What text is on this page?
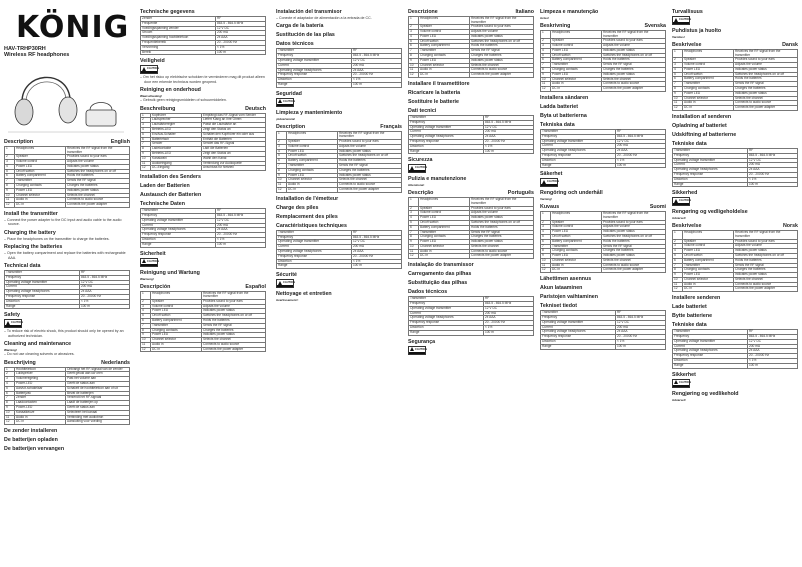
KÖNIG
HAV-TRHP30RH
Wireless RF headphones
Description	English
1	Headphones	Receives the RF signal from the transmitter
2	Speaker	Provides sound to your ears
3	Volume control	Adjusts the volume
4	Power LED	Indicates power status
5	On/off switch	Switches the headphones on or off
6	Battery compartment	Holds the batteries
7	Transmitter	Sends the RF signal
8	Charging contacts	Charges the batteries
9	Power LED	Indicates power status
10	Channel selector	Selects the channel
11	Audio in	Connects to audio source
12	DC in	Connects the power adapter
Install the transmitter

– Connect the power adapter to the DC input and audio cable to the audio source.

Charging the battery

– Place the headphones on the transmitter to charge the batteries.

Replacing the batteries

– Open the battery compartment and replace the batteries with rechargeable AAA.

Technical data
Transmitter	RF
Frequency	863.5 - 864.5 MHz
Operating voltage transmitter	12 V DC
Current	200 mA
Operating voltage headphones	2x AAA
Frequency response	20 - 20000 Hz
Distortion	< 1%
Range	100 m
Safety
CAUTION

– To reduce risk of electric shock, this product should only be opened by an authorized technician.

Cleaning and maintenance
Warning!

– Do not use cleaning solvents or abrasives.

Beschrijving	Nederlands
1	Hoofdtelefoon	Ontvangt het RF-signaal van de zender
2	Luidspreker	Geeft geluid aan uw oren
3	Volumeregeling	Past het volume aan
4	Power-LED	Geeft de status aan
5	Aan/uit-schakelaar	Schakelt de hoofdtelefoon aan of uit
6	Batterijvak	Bevat de batterijen
7	Zender	Verzendt het RF-signaal
8	Laadcontacten	Laadt de batterijen op
9	Power-LED	Geeft de status aan
10	Kanaalkeuze	Selecteert het kanaal
11	Audio in	Verbinding met audiobron
12	DC in	Aansluiting voor voeding
De zender installeren
De batterijen opladen
De batterijen vervangen
Technische gegevens
Zender	RF
Frequentie	863.5 - 864.5 MHz
Voedingsspanning zender	12 V DC
Stroom	200 mA
Voedingsspanning hoofdtelefoon	2x AAA
Frequentiebereik	20 - 20000 Hz
Vervorming	< 1%
Bereik	100 m
Veiligheid
CAUTION

– Om het risico op elektrische schokken te verminderen mag dit product alleen door een erkende technicus worden geopend.

Reiniging en onderhoud
Waarschuwing!

– Gebruik geen reinigingsmiddelen of schuurmiddelen.

Beschreibung	Deutsch
1	Kopfhörer	Empfängt das RF-Signal vom Sender
2	Lautsprecher	Liefert Klang an Ihre Ohren
3	Lautstärkeregler	Passt die Lautstärke an
4	Betriebs-LED	Zeigt den Status an
5	Ein/Aus-Schalter	Schaltet den Kopfhörer ein oder aus
6	Batteriefach	Enthält die Batterien
7	Sender	Sendet das RF-Signal
8	Ladekontakte	Lädt die Batterien
9	Betriebs-LED	Zeigt den Status an
10	Kanalwahl	Wählt den Kanal
11	Audioeingang	Verbindung zur Audioquelle
12	DC-Eingang	Anschluss für Netzteil
Installation des Senders
Laden der Batterien
Austausch der Batterien
Technische Daten
Transmitter	RF
Frequency	863.5 - 864.5 MHz
Operating voltage transmitter	12 V DC
Current	200 mA
Operating voltage headphones	2x AAA
Frequency response	20 - 20000 Hz
Distortion	< 1%
Range	100 m
Sicherheit
CAUTION
Reinigung und Wartung
Warnung!
Descripción	Español
1	Headphones	Receives the RF signal from the transmitter
2	Speaker	Provides sound to your ears
3	Volume control	Adjusts the volume
4	Power LED	Indicates power status
5	On/off switch	Switches the headphones on or off
6	Battery compartment	Holds the batteries
7	Transmitter	Sends the RF signal
8	Charging contacts	Charges the batteries
9	Power LED	Indicates power status
10	Channel selector	Selects the channel
11	Audio in	Connects to audio source
12	DC in	Connects the power adapter
Instalación del transmisor

– Conecte el adaptador de alimentación a la entrada de CC.

Carga de la batería
Sustitución de las pilas
Datos técnicos
Transmitter	RF
Frequency	863.5 - 864.5 MHz
Operating voltage transmitter	12 V DC
Current	200 mA
Operating voltage headphones	2x AAA
Frequency response	20 - 20000 Hz
Distortion	< 1%
Range	100 m
Seguridad
CAUTION
Limpieza y mantenimiento
¡Advertencia!
Description	Français
1	Headphones	Receives the RF signal from the transmitter
2	Speaker	Provides sound to your ears
3	Volume control	Adjusts the volume
4	Power LED	Indicates power status
5	On/off switch	Switches the headphones on or off
6	Battery compartment	Holds the batteries
7	Transmitter	Sends the RF signal
8	Charging contacts	Charges the batteries
9	Power LED	Indicates power status
10	Channel selector	Selects the channel
11	Audio in	Connects to audio source
12	DC in	Connects the power adapter
Installation de l'émetteur
Charge des piles
Remplacement des piles
Caractéristiques techniques
Transmitter	RF
Frequency	863.5 - 864.5 MHz
Operating voltage transmitter	12 V DC
Current	200 mA
Operating voltage headphones	2x AAA
Frequency response	20 - 20000 Hz
Distortion	< 1%
Range	100 m
Sécurité
CAUTION
Nettoyage et entretien
Avertissement !
Descrizione	Italiano
1	Headphones	Receives the RF signal from the transmitter
2	Speaker	Provides sound to your ears
3	Volume control	Adjusts the volume
4	Power LED	Indicates power status
5	On/off switch	Switches the headphones on or off
6	Battery compartment	Holds the batteries
7	Transmitter	Sends the RF signal
8	Charging contacts	Charges the batteries
9	Power LED	Indicates power status
10	Channel selector	Selects the channel
11	Audio in	Connects to audio source
12	DC in	Connects the power adapter
Installare il trasmettitore
Ricaricare la batteria
Sostituire le batterie
Dati tecnici
Transmitter	RF
Frequency	863.5 - 864.5 MHz
Operating voltage transmitter	12 V DC
Current	200 mA
Operating voltage headphones	2x AAA
Frequency response	20 - 20000 Hz
Distortion	< 1%
Range	100 m
Sicurezza
CAUTION
Pulizia e manutenzione
Attenzione!
Descrição	Português
1	Headphones	Receives the RF signal from the transmitter
2	Speaker	Provides sound to your ears
3	Volume control	Adjusts the volume
4	Power LED	Indicates power status
5	On/off switch	Switches the headphones on or off
6	Battery compartment	Holds the batteries
7	Transmitter	Sends the RF signal
8	Charging contacts	Charges the batteries
9	Power LED	Indicates power status
10	Channel selector	Selects the channel
11	Audio in	Connects to audio source
12	DC in	Connects the power adapter
Instalação do transmissor
Carregamento das pilhas
Substituição das pilhas
Dados técnicos
Transmitter	RF
Frequency	863.5 - 864.5 MHz
Operating voltage transmitter	12 V DC
Current	200 mA
Operating voltage headphones	2x AAA
Frequency response	20 - 20000 Hz
Distortion	< 1%
Range	100 m
Segurança
CAUTION
Limpeza e manutenção
Aviso!
Beskrivning	Svenska
1	Headphones	Receives the RF signal from the transmitter
2	Speaker	Provides sound to your ears
3	Volume control	Adjusts the volume
4	Power LED	Indicates power status
5	On/off switch	Switches the headphones on or off
6	Battery compartment	Holds the batteries
7	Transmitter	Sends the RF signal
8	Charging contacts	Charges the batteries
9	Power LED	Indicates power status
10	Channel selector	Selects the channel
11	Audio in	Connects to audio source
12	DC in	Connects the power adapter
Installera sändaren
Ladda batteriet
Byta ut batterierna
Tekniska data
Transmitter	RF
Frequency	863.5 - 864.5 MHz
Operating voltage transmitter	12 V DC
Current	200 mA
Operating voltage headphones	2x AAA
Frequency response	20 - 20000 Hz
Distortion	< 1%
Range	100 m
Säkerhet
CAUTION
Rengöring och underhåll
Varning!
Kuvaus	Suomi
1	Headphones	Receives the RF signal from the transmitter
2	Speaker	Provides sound to your ears
3	Volume control	Adjusts the volume
4	Power LED	Indicates power status
5	On/off switch	Switches the headphones on or off
6	Battery compartment	Holds the batteries
7	Transmitter	Sends the RF signal
8	Charging contacts	Charges the batteries
9	Power LED	Indicates power status
10	Channel selector	Selects the channel
11	Audio in	Connects to audio source
12	DC in	Connects the power adapter
Lähettimen asennus
Akun lataaminen
Paristojen vaihtaminen
Tekniset tiedot
Transmitter	RF
Frequency	863.5 - 864.5 MHz
Operating voltage transmitter	12 V DC
Current	200 mA
Operating voltage headphones	2x AAA
Frequency response	20 - 20000 Hz
Distortion	< 1%
Range	100 m
Turvallisuus
CAUTION
Puhdistus ja huolto
Varoitus!
Beskrivelse	Dansk
1	Headphones	Receives the RF signal from the transmitter
2	Speaker	Provides sound to your ears
3	Volume control	Adjusts the volume
4	Power LED	Indicates power status
5	On/off switch	Switches the headphones on or off
6	Battery compartment	Holds the batteries
7	Transmitter	Sends the RF signal
8	Charging contacts	Charges the batteries
9	Power LED	Indicates power status
10	Channel selector	Selects the channel
11	Audio in	Connects to audio source
12	DC in	Connects the power adapter
Installation af senderen
Opladning af batteriet
Udskiftning af batterierne
Tekniske data
Transmitter	RF
Frequency	863.5 - 864.5 MHz
Operating voltage transmitter	12 V DC
Current	200 mA
Operating voltage headphones	2x AAA
Frequency response	20 - 20000 Hz
Distortion	< 1%
Range	100 m
Sikkerhed
CAUTION
Rengøring og vedligeholdelse
Advarsel!
Beskrivelse	Norsk
1	Headphones	Receives the RF signal from the transmitter
2	Speaker	Provides sound to your ears
3	Volume control	Adjusts the volume
4	Power LED	Indicates power status
5	On/off switch	Switches the headphones on or off
6	Battery compartment	Holds the batteries
7	Transmitter	Sends the RF signal
8	Charging contacts	Charges the batteries
9	Power LED	Indicates power status
10	Channel selector	Selects the channel
11	Audio in	Connects to audio source
12	DC in	Connects the power adapter
Installere senderen
Lade batteriet
Bytte batteriene
Tekniske data
Transmitter	RF
Frequency	863.5 - 864.5 MHz
Operating voltage transmitter	12 V DC
Current	200 mA
Operating voltage headphones	2x AAA
Frequency response	20 - 20000 Hz
Distortion	< 1%
Range	100 m
Sikkerhet
CAUTION
Rengjøring og vedlikehold
Advarsel!
